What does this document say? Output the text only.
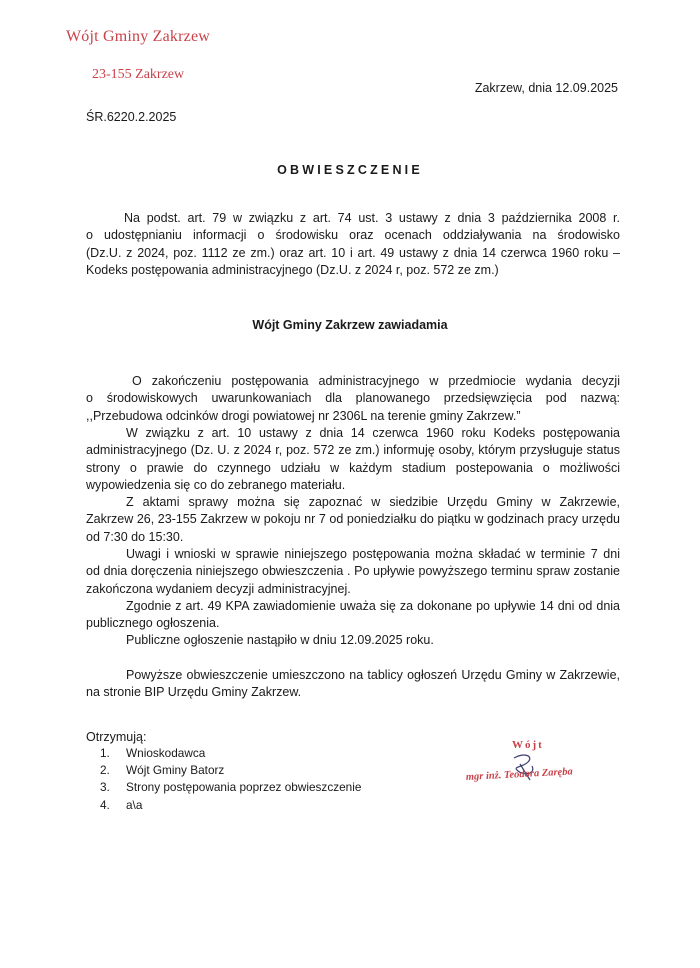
Wójt Gminy Zakrzew
23-155 Zakrzew
Zakrzew, dnia 12.09.2025
ŚR.6220.2.2025
OBWIESZCZENIE

Na podst. art. 79 w związku z art. 74 ust. 3 ustawy z dnia 3 października 2008 r.
o udostępnianiu informacji o środowisku oraz ocenach oddziaływania na środowisko
(Dz.U. z 2024, poz. 1112 ze zm.) oraz art. 10 i art. 49 ustawy z dnia 14 czerwca 1960 roku –
Kodeks postępowania administracyjnego (Dz.U. z 2024 r, poz. 572 ze zm.)

Wójt Gminy Zakrzew zawiadamia

O zakończeniu postępowania administracyjnego w przedmiocie wydania decyzji
o środowiskowych uwarunkowaniach dla planowanego przedsięwzięcia pod nazwą:
,,Przebudowa odcinków drogi powiatowej nr 2306L na terenie gminy Zakrzew.”

W związku z art. 10 ustawy z dnia 14 czerwca 1960 roku Kodeks postępowania
administracyjnego (Dz. U. z 2024 r, poz. 572 ze zm.) informuję osoby, którym przysługuje status
strony o prawie do czynnego udziału w każdym stadium postepowania o możliwości
wypowiedzenia się co do zebranego materiału.

Z aktami sprawy można się zapoznać w siedzibie Urzędu Gminy w Zakrzewie,
Zakrzew 26, 23-155 Zakrzew w pokoju nr 7 od poniedziałku do piątku w godzinach pracy urzędu
od 7:30 do 15:30.

Uwagi i wnioski w sprawie niniejszego postępowania można składać w terminie 7 dni
od dnia doręczenia niniejszego obwieszczenia . Po upływie powyższego terminu spraw zostanie
zakończona wydaniem decyzji administracyjnej.

Zgodnie z art. 49 KPA zawiadomienie uważa się za dokonane po upływie 14 dni od dnia
publicznego ogłoszenia.

Publiczne ogłoszenie nastąpiło w dniu 12.09.2025 roku.

Powyższe obwieszczenie umieszczono na tablicy ogłoszeń Urzędu Gminy w Zakrzewie,
na stronie BIP Urzędu Gminy Zakrzew.

Otrzymują:
1.	Wnioskodawca
2.	Wójt Gminy Batorz
3.	Strony postępowania poprzez obwieszczenie
4.	a\a
Wójt
mgr inż. Teodora Zaręba
